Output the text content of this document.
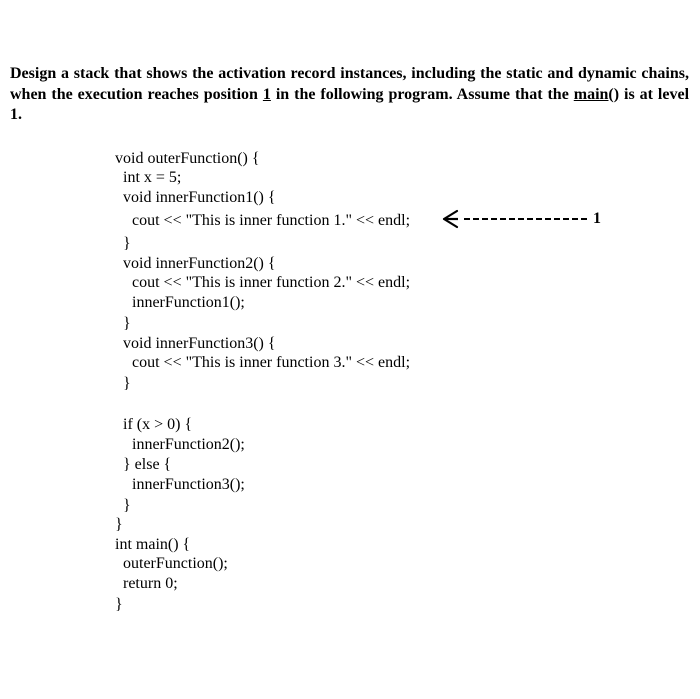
Design a stack that shows the activation record instances, including the static and dynamic chains, when the execution reaches position 1 in the following program. Assume that the main() is at level 1.
void outerFunction() {
int x = 5;
void innerFunction1() {
cout << "This is inner function 1." << endl;
}
void innerFunction2() {
cout << "This is inner function 2." << endl;
innerFunction1();
}
void innerFunction3() {
cout << "This is inner function 3." << endl;
}
if (x > 0) {
innerFunction2();
} else {
innerFunction3();
}
}
int main() {
outerFunction();
return 0;
}
1
